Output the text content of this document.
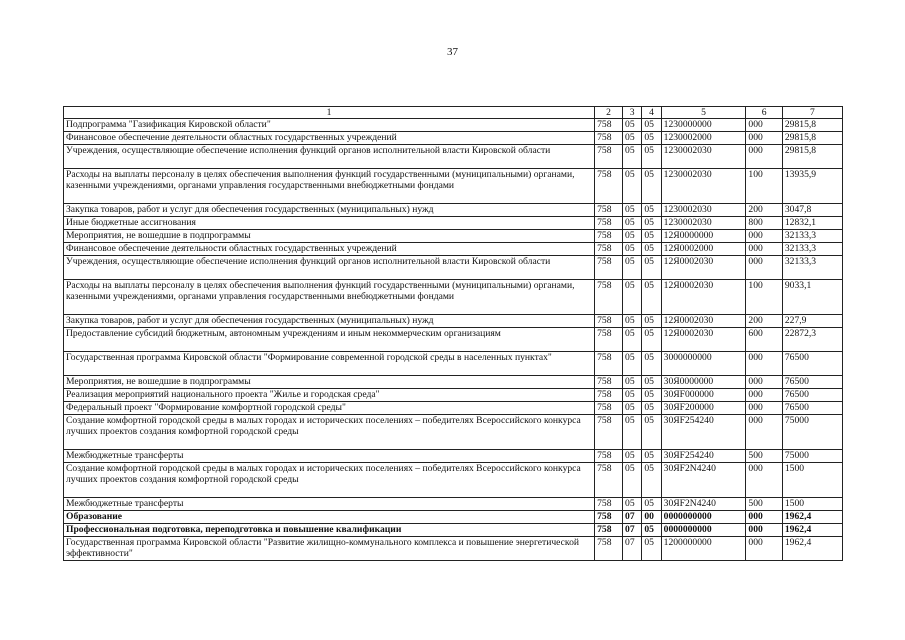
37
1	2	3	4	5	6	7
Подпрограмма "Газификация Кировской области"	758	05	05	1230000000	000	29815,8
Финансовое обеспечение деятельности областных государственных учреждений	758	05	05	1230002000	000	29815,8
Учреждения, осуществляющие обеспечение исполнения функций органов исполнительной власти Кировской области	758	05	05	1230002030	000	29815,8
Расходы на выплаты персоналу в целях обеспечения выполнения функций государственными (муниципальными) органами, казенными учреждениями, органами управления государственными внебюджетными фондами	758	05	05	1230002030	100	13935,9
Закупка товаров, работ и услуг для обеспечения государственных (муниципальных) нужд	758	05	05	1230002030	200	3047,8
Иные бюджетные ассигнования	758	05	05	1230002030	800	12832,1
Мероприятия, не вошедшие в подпрограммы	758	05	05	12Я0000000	000	32133,3
Финансовое обеспечение деятельности областных государственных учреждений	758	05	05	12Я0002000	000	32133,3
Учреждения, осуществляющие обеспечение исполнения функций органов исполнительной власти Кировской области	758	05	05	12Я0002030	000	32133,3
Расходы на выплаты персоналу в целях обеспечения выполнения функций государственными (муниципальными) органами, казенными учреждениями, органами управления государственными внебюджетными фондами	758	05	05	12Я0002030	100	9033,1
Закупка товаров, работ и услуг для обеспечения государственных (муниципальных) нужд	758	05	05	12Я0002030	200	227,9
Предоставление субсидий бюджетным, автономным учреждениям и иным некоммерческим организациям	758	05	05	12Я0002030	600	22872,3
Государственная программа Кировской области "Формирование современной городской среды в населенных пунктах"	758	05	05	3000000000	000	76500
Мероприятия, не вошедшие в подпрограммы	758	05	05	30Я0000000	000	76500
Реализация мероприятий национального проекта "Жилье и городская среда"	758	05	05	30ЯF000000	000	76500
Федеральный проект "Формирование комфортной городской среды"	758	05	05	30ЯF200000	000	76500
Создание комфортной городской среды в малых городах и исторических поселениях – победителях Всероссийского конкурса лучших проектов создания комфортной городской среды	758	05	05	30ЯF254240	000	75000
Межбюджетные трансферты	758	05	05	30ЯF254240	500	75000
Создание комфортной городской среды в малых городах и исторических поселениях – победителях Всероссийского конкурса лучших проектов создания комфортной городской среды	758	05	05	30ЯF2N4240	000	1500
Межбюджетные трансферты	758	05	05	30ЯF2N4240	500	1500
Образование	758	07	00	0000000000	000	1962,4
Профессиональная подготовка, переподготовка и повышение квалификации	758	07	05	0000000000	000	1962,4
Государственная программа Кировской области "Развитие жилищно-коммунального комплекса и повышение энергетической эффективности"	758	07	05	1200000000	000	1962,4
